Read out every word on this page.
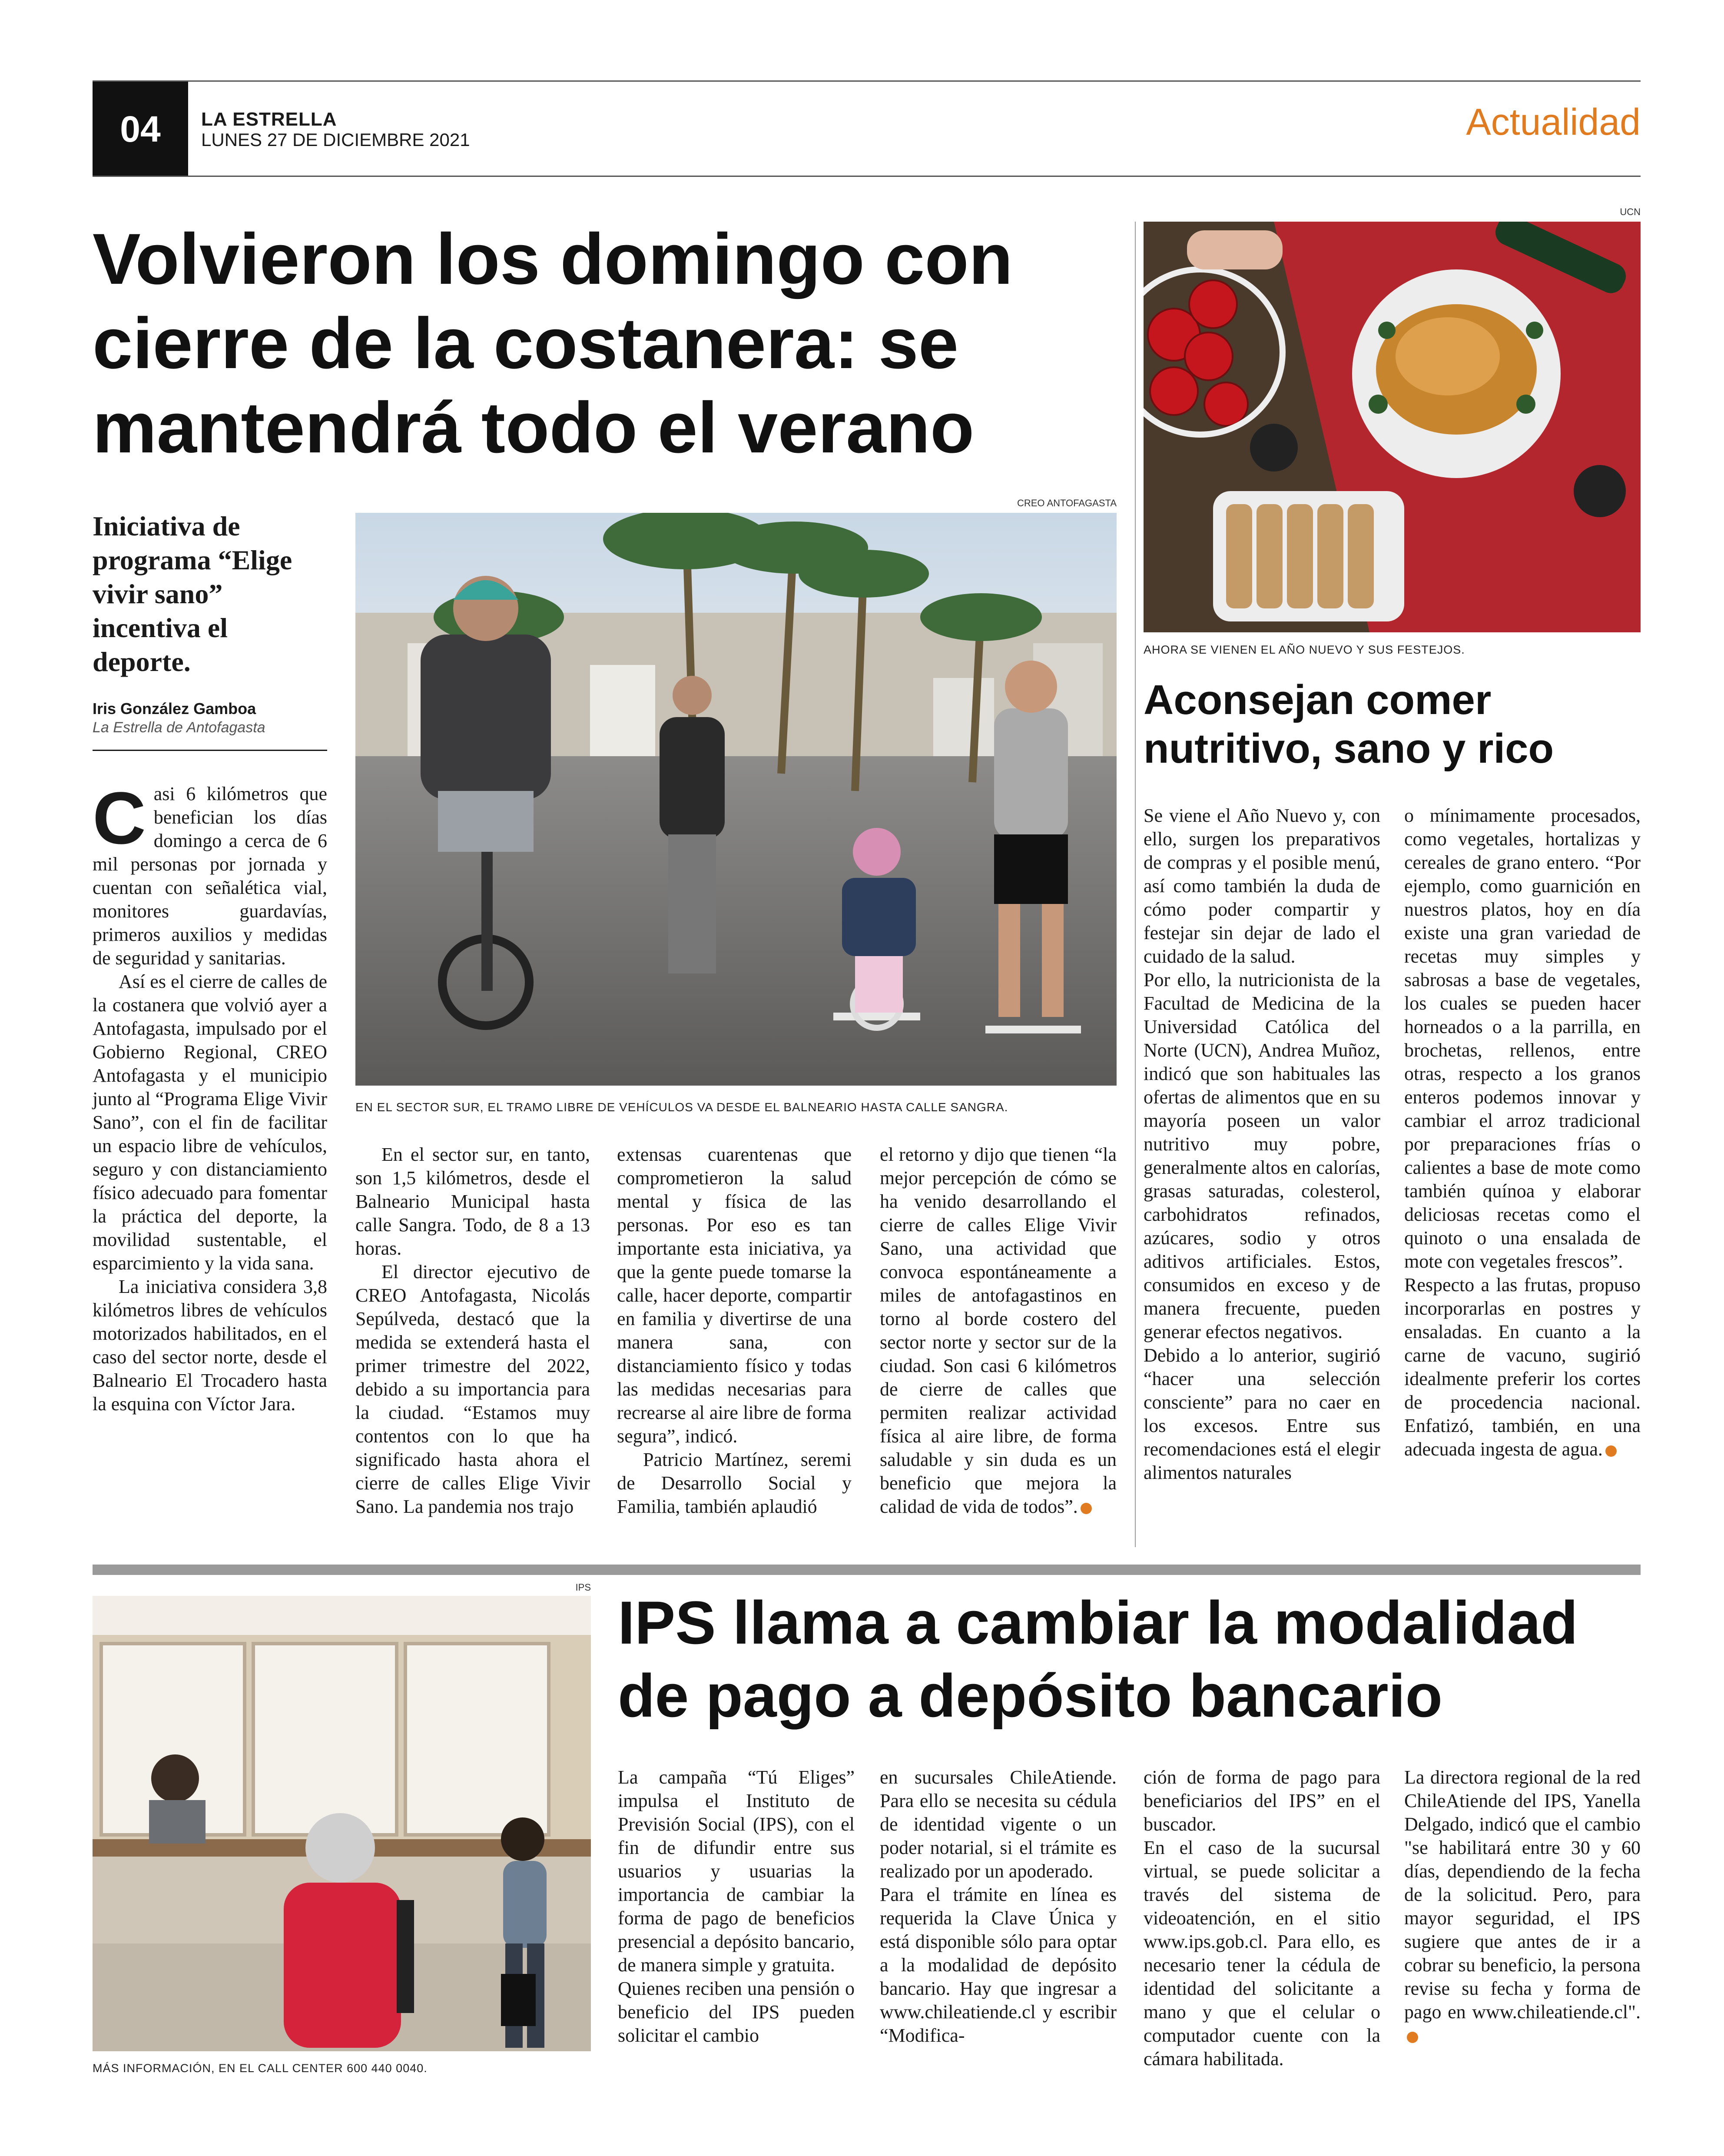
04 LA ESTRELLA
LUNES 27 DE DICIEMBRE 2021	Actualidad
Volvieron los domingo con cierre de la costanera: se mantendrá todo el verano
Iniciativa de programa “Elige vivir sano” incentiva el deporte.
Iris González Gamboa
La Estrella de Antofagasta
CREO ANTOFAGASTA
EN EL SECTOR SUR, EL TRAMO LIBRE DE VEHÍCULOS VA DESDE EL BALNEARIO HASTA CALLE SANGRA.

Casi 6 kilómetros que benefician los días domingo a cerca de 6 mil personas por jornada y cuentan con señalética vial, monitores guardavías, primeros auxilios y medidas de seguridad y sanitarias.

Así es el cierre de calles de la costanera que volvió ayer a Antofagasta, impulsado por el Gobierno Regional, CREO Antofagasta y el municipio junto al “Programa Elige Vivir Sano”, con el fin de facilitar un espacio libre de vehículos, seguro y con distanciamiento físico adecuado para fomentar la práctica del deporte, la movilidad sustentable, el esparcimiento y la vida sana.

La iniciativa considera 3,8 kilómetros libres de vehículos motorizados habilitados, en el caso del sector norte, desde el Balneario El Trocadero hasta la esquina con Víctor Jara.

En el sector sur, en tanto, son 1,5 kilómetros, desde el Balneario Municipal hasta calle Sangra. Todo, de 8 a 13 horas.

El director ejecutivo de CREO Antofagasta, Nicolás Sepúlveda, destacó que la medida se extenderá hasta el primer trimestre del 2022, debido a su importancia para la ciudad. “Estamos muy contentos con lo que ha significado hasta ahora el cierre de calles Elige Vivir Sano. La pandemia nos trajo

extensas cuarentenas que comprometieron la salud mental y física de las personas. Por eso es tan importante esta iniciativa, ya que la gente puede tomarse la calle, hacer deporte, compartir en familia y divertirse de una manera sana, con distanciamiento físico y todas las medidas necesarias para recrearse al aire libre de forma segura”, indicó.

Patricio Martínez, seremi de Desarrollo Social y Familia, también aplaudió

el retorno y dijo que tienen “la mejor percepción de cómo se ha venido desarrollando el cierre de calles Elige Vivir Sano, una actividad que convoca espontáneamente a miles de antofagastinos en torno al borde costero del sector norte y sector sur de la ciudad. Son casi 6 kilómetros de cierre de calles que permiten realizar actividad física al aire libre, de forma saludable y sin duda es un beneficio que mejora la calidad de vida de todos”.

UCN
AHORA SE VIENEN EL AÑO NUEVO Y SUS FESTEJOS.
Aconsejan comer nutritivo, sano y rico

Se viene el Año Nuevo y, con ello, surgen los preparativos de compras y el posible menú, así como también la duda de cómo poder compartir y festejar sin dejar de lado el cuidado de la salud.

Por ello, la nutricionista de la Facultad de Medicina de la Universidad Católica del Norte (UCN), Andrea Muñoz, indicó que son habituales las ofertas de alimentos que en su mayoría poseen un valor nutritivo muy pobre, generalmente altos en calorías, grasas saturadas, colesterol, carbohidratos refinados, azúcares, sodio y otros aditivos artificiales. Estos, consumidos en exceso y de manera frecuente, pueden generar efectos negativos.

Debido a lo anterior, sugirió “hacer una selección consciente” para no caer en los excesos. Entre sus recomendaciones está el elegir alimentos naturales

o mínimamente procesados, como vegetales, hortalizas y cereales de grano entero. “Por ejemplo, como guarnición en nuestros platos, hoy en día existe una gran variedad de recetas muy simples y sabrosas a base de vegetales, los cuales se pueden hacer horneados o a la parrilla, en brochetas, rellenos, entre otras, respecto a los granos enteros podemos innovar y cambiar el arroz tradicional por preparaciones frías o calientes a base de mote como también quínoa y elaborar deliciosas recetas como el quinoto o una ensalada de mote con vegetales frescos”.

Respecto a las frutas, propuso incorporarlas en postres y ensaladas. En cuanto a la carne de vacuno, sugirió idealmente preferir los cortes de procedencia nacional. Enfatizó, también, en una adecuada ingesta de agua.

IPS
MÁS INFORMACIÓN, EN EL CALL CENTER 600 440 0040.
IPS llama a cambiar la modalidad de pago a depósito bancario

La campaña “Tú Eliges” impulsa el Instituto de Previsión Social (IPS), con el fin de difundir entre sus usuarios y usuarias la importancia de cambiar la forma de pago de beneficios presencial a depósito bancario, de manera simple y gratuita.

Quienes reciben una pensión o beneficio del IPS pueden solicitar el cambio

en sucursales ChileAtiende. Para ello se necesita su cédula de identidad vigente o un poder notarial, si el trámite es realizado por un apoderado.

Para el trámite en línea es requerida la Clave Única y está disponible sólo para optar a la modalidad de depósito bancario. Hay que ingresar a www.chileatiende.cl y escribir “Modifica-

ción de forma de pago para beneficiarios del IPS” en el buscador.

En el caso de la sucursal virtual, se puede solicitar a través del sistema de videoatención, en el sitio www.ips.gob.cl. Para ello, es necesario tener la cédula de identidad del solicitante a mano y que el celular o computador cuente con la cámara habilitada.

La directora regional de la red ChileAtiende del IPS, Yanella Delgado, indicó que el cambio "se habilitará entre 30 y 60 días, dependiendo de la fecha de la solicitud. Pero, para mayor seguridad, el IPS sugiere que antes de ir a cobrar su beneficio, la persona revise su fecha y forma de pago en www.chileatiende.cl".
